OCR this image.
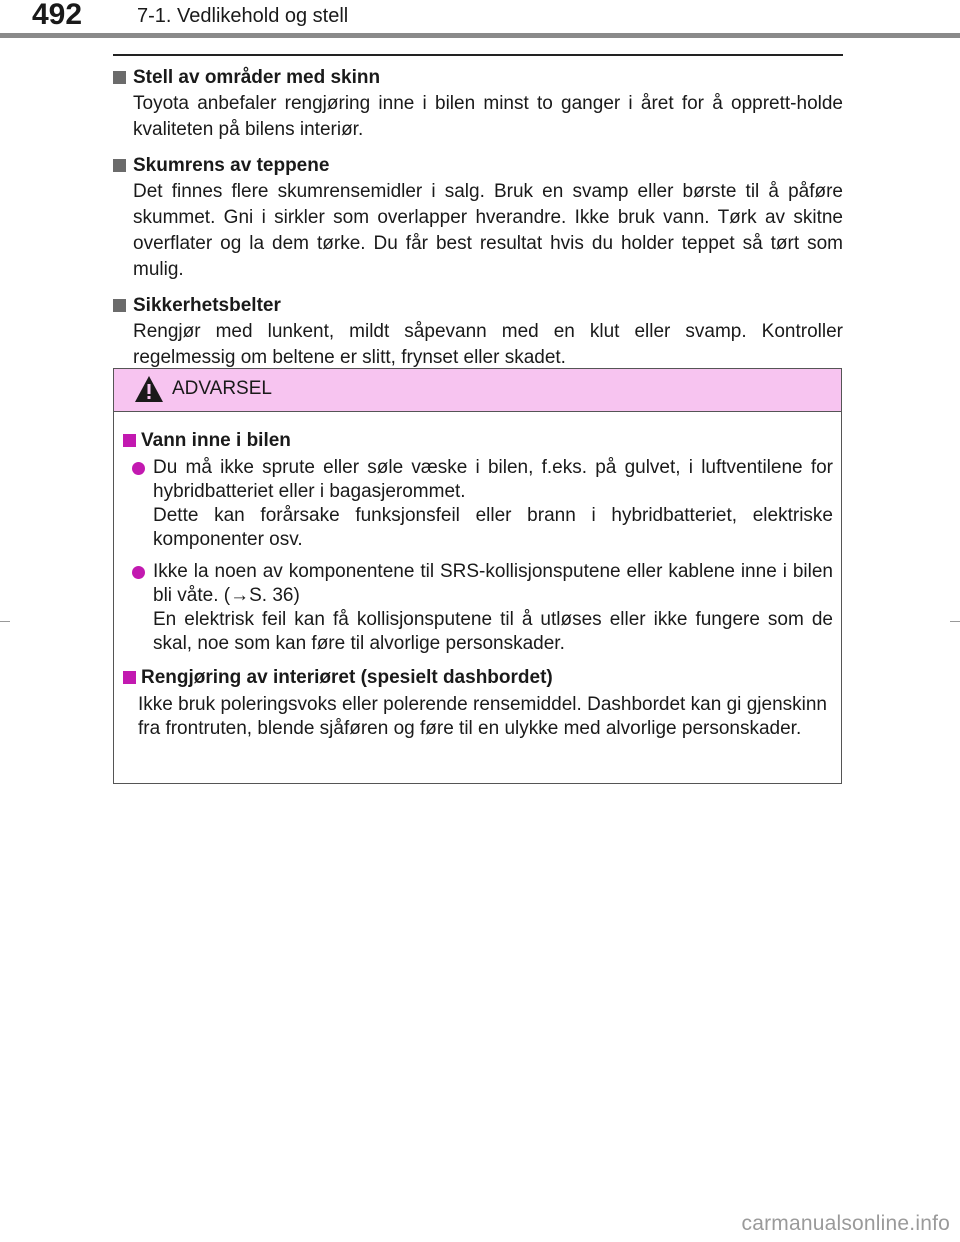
492	7-1. Vedlikehold og stell
Stell av områder med skinn
Toyota anbefaler rengjøring inne i bilen minst to ganger i året for å opprett-holde kvaliteten på bilens interiør.
Skumrens av teppene
Det finnes flere skumrensemidler i salg. Bruk en svamp eller børste til å påføre skummet. Gni i sirkler som overlapper hverandre. Ikke bruk vann. Tørk av skitne overflater og la dem tørke. Du får best resultat hvis du holder teppet så tørt som mulig.
Sikkerhetsbelter
Rengjør med lunkent, mildt såpevann med en klut eller svamp. Kontroller regelmessig om beltene er slitt, frynset eller skadet.
ADVARSEL
Vann inne i bilen
Du må ikke sprute eller søle væske i bilen, f.eks. på gulvet, i luftventilene for hybridbatteriet eller i bagasjerommet.
Dette kan forårsake funksjonsfeil eller brann i hybridbatteriet, elektriske komponenter osv.
Ikke la noen av komponentene til SRS-kollisjonsputene eller kablene inne i bilen bli våte. (→S. 36)
En elektrisk feil kan få kollisjonsputene til å utløses eller ikke fungere som de skal, noe som kan føre til alvorlige personskader.
Rengjøring av interiøret (spesielt dashbordet)
Ikke bruk poleringsvoks eller polerende rensemiddel. Dashbordet kan gi gjenskinn fra frontruten, blende sjåføren og føre til en ulykke med alvorlige personskader.
carmanualsonline.info
